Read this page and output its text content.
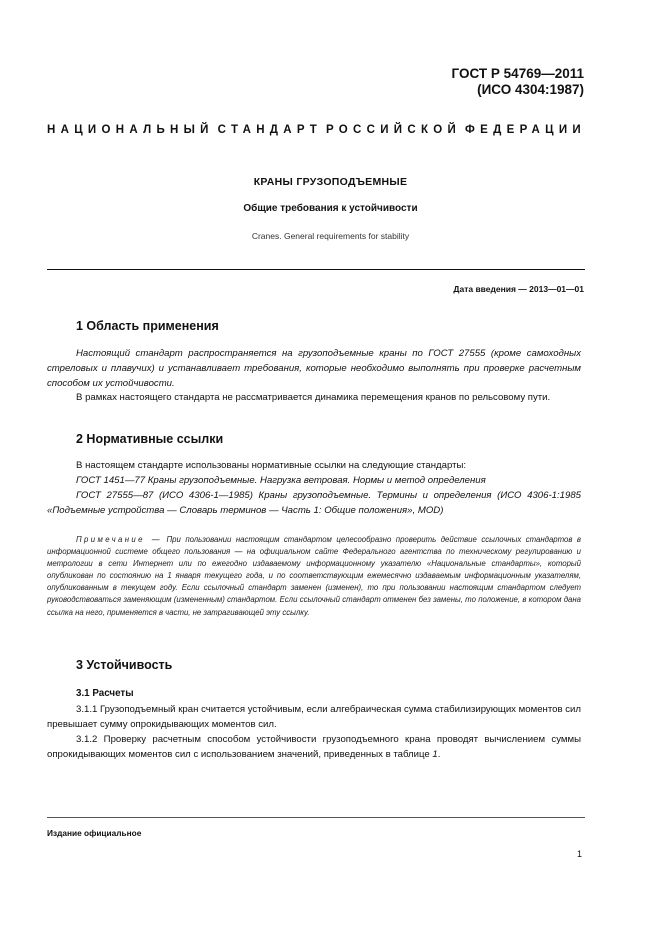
ГОСТ Р 54769—2011
(ИСО 4304:1987)
НАЦИОНАЛЬНЫЙ СТАНДАРТ РОССИЙСКОЙ ФЕДЕРАЦИИ
КРАНЫ ГРУЗОПОДЪЕМНЫЕ
Общие требования к устойчивости
Cranes. General requirements for stability
Дата введения — 2013—01—01
1 Область применения
Настоящий стандарт распространяется на грузоподъемные краны по ГОСТ 27555 (кроме самоходных стреловых и плавучих) и устанавливает требования, которые необходимо выполнять при проверке расчетным способом их устойчивости.
В рамках настоящего стандарта не рассматривается динамика перемещения кранов по рельсовому пути.
2 Нормативные ссылки
В настоящем стандарте использованы нормативные ссылки на следующие стандарты:
ГОСТ 1451—77 Краны грузоподъемные. Нагрузка ветровая. Нормы и метод определения
ГОСТ 27555—87 (ИСО 4306-1—1985) Краны грузоподъемные. Термины и определения (ИСО 4306-1:1985 «Подъемные устройства — Словарь терминов — Часть 1: Общие положения», MOD)
Примечание — При пользовании настоящим стандартом целесообразно проверить действие ссылочных стандартов в информационной системе общего пользования — на официальном сайте Федерального агентства по техническому регулированию и метрологии в сети Интернет или по ежегодно издаваемому информационному указателю «Национальные стандарты», который опубликован по состоянию на 1 января текущего года, и по соответствующим ежемесячно издаваемым информационным указателям, опубликованным в текущем году. Если ссылочный стандарт заменен (изменен), то при пользовании настоящим стандартом следует руководствоваться заменяющим (измененным) стандартом. Если ссылочный стандарт отменен без замены, то положение, в котором дана ссылка на него, применяется в части, не затрагивающей эту ссылку.
3 Устойчивость
3.1 Расчеты
3.1.1 Грузоподъемный кран считается устойчивым, если алгебраическая сумма стабилизирующих моментов сил превышает сумму опрокидывающих моментов сил.
3.1.2 Проверку расчетным способом устойчивости грузоподъемного крана проводят вычислением суммы опрокидывающих моментов сил с использованием значений, приведенных в таблице 1.
Издание официальное
1
